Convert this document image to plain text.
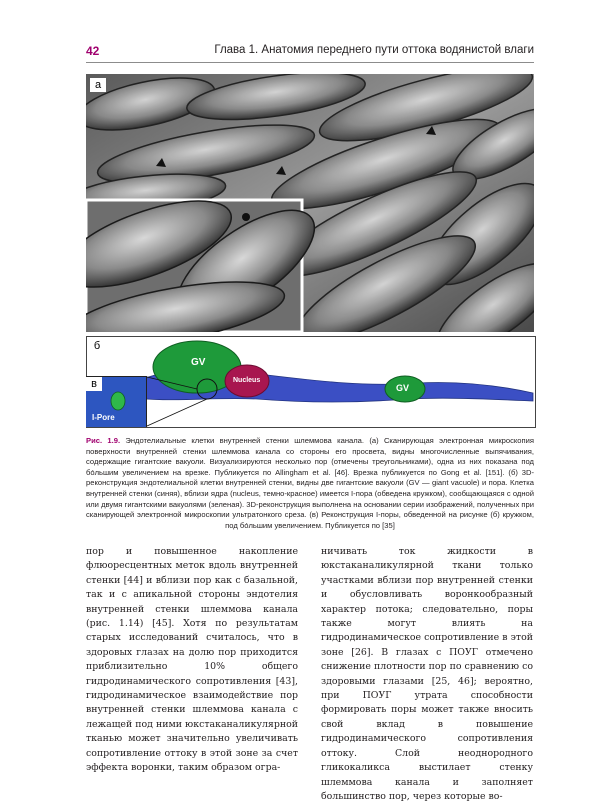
42	Глава 1. Анатомия переднего пути оттока водянистой влаги
а
б
GV
Nucleus
GV
в
I-Pore
Рис. 1.9. Эндотелиальные клетки внутренней стенки шлеммова канала. (а) Сканирующая электронная микроскопия поверхности внутренней стенки шлеммова канала со стороны его просвета, видны многочисленные выпячивания, содержащие гигантские вакуоли. Визуализируются несколько пор (отмечены треугольниками), одна из них показана под бо́льшим увеличением на врезке. Публикуется по Allingham et al. [46]. Врезка публикуется по Gong et al. [151]. (б) 3D-реконструкция эндотелиальной клетки внутренней стенки, видны две гигантские вакуоли (GV — giant vacuole) и пора. Клетка внутренней стенки (синяя), вблизи ядра (nucleus, темно-красное) имеется I-пора (обведена кружком), сообщающаяся с одной или двумя гигантскими вакуолями (зеленая). 3D-реконструкция выполнена на основании серии изображений, полученных при сканирующей электронной микроскопии ультратонкого среза. (в) Реконструкция I-поры, обведенной на рисунке (б) кружком, под бо́льшим увеличением. Публикуется по [35]

пор и повышенное накопление флюоресцентных меток вдоль внутренней стенки [44] и вблизи пор как с базальной, так и с апикальной стороны эндотелия внутренней стенки шлеммова канала (рис. 1.14) [45]. Хотя по результатам старых исследований считалось, что в здоровых глазах на долю пор приходится приблизительно 10% общего гидродинамического сопротивления [43], гидродинамическое взаимодействие пор внутренней стенки шлеммова канала с лежащей под ними юкстаканаликулярной тканью может значительно увеличивать сопротивление оттоку в этой зоне за счет эффекта воронки, таким образом огра-

ничивать ток жидкости в юкстаканаликулярной ткани только участками вблизи пор внутренней стенки и обусловливать воронкообразный характер потока; следовательно, поры также могут влиять на гидродинамическое сопротивление в этой зоне [26]. В глазах с ПОУГ отмечено снижение плотности пор по сравнению со здоровыми глазами [25, 46]; вероятно, при ПОУГ утрата способности формировать поры может также вносить свой вклад в повышение гидродинамического сопротивления оттоку. Слой неоднородного гликокаликса выстилает стенку шлеммова канала и заполняет большинство пор, через которые во-
